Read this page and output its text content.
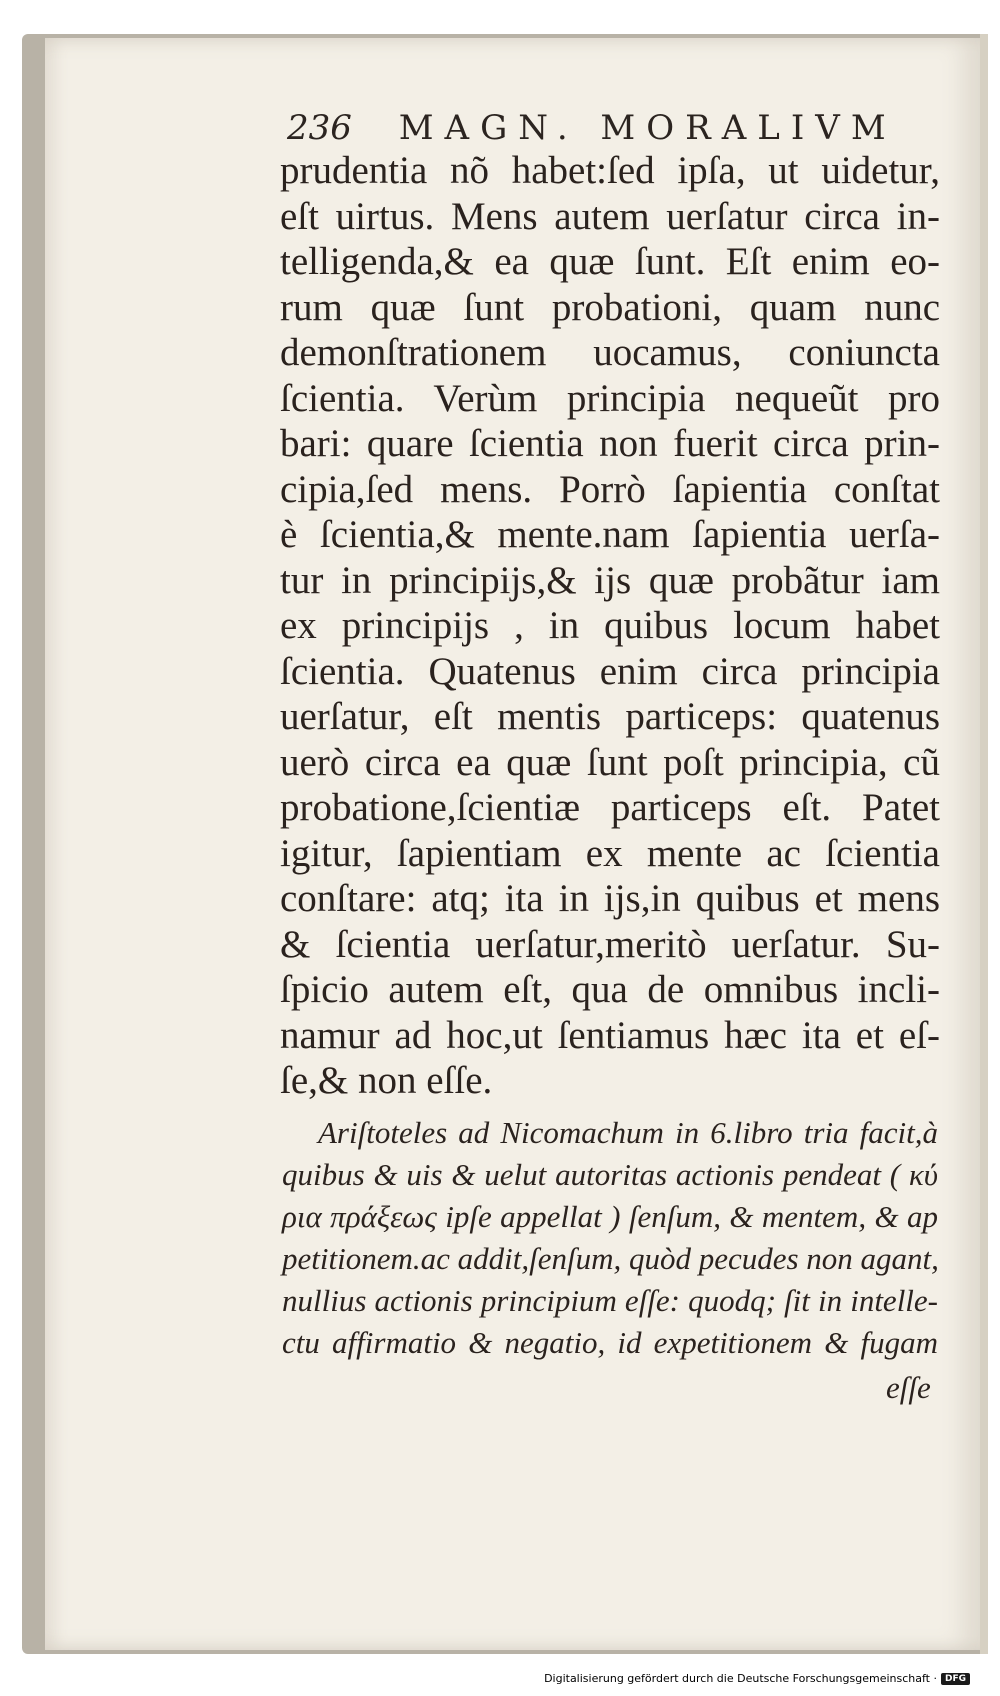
236 MAGN. MORALIVM
prudentia nõ habet:ſed ipſa, ut uidetur,
eſt uirtus. Mens autem uerſatur circa in-
telligenda,& ea quæ ſunt. Eſt enim eo-
rum quæ ſunt probationi, quam nunc
demonſtrationem uocamus, coniuncta
ſcientia. Verùm principia nequeũt pro
bari: quare ſcientia non fuerit circa prin-
cipia,ſed mens. Porrò ſapientia conſtat
è ſcientia,& mente.nam ſapientia uerſa-
tur in principijs,& ijs quæ probãtur iam
ex principijs , in quibus locum habet
ſcientia. Quatenus enim circa principia
uerſatur, eſt mentis particeps: quatenus
uerò circa ea quæ ſunt poſt principia, cũ
probatione,ſcientiæ particeps eſt. Patet
igitur, ſapientiam ex mente ac ſcientia
conſtare: atq; ita in ijs,in quibus et mens
& ſcientia uerſatur,meritò uerſatur. Su-
ſpicio autem eſt, qua de omnibus incli-
namur ad hoc,ut ſentiamus hæc ita et eſ-
ſe,& non eſſe.
Ariſtoteles ad Nicomachum in 6.libro tria facit,à
quibus & uis & uelut autoritas actionis pendeat ( κύ
ρια πράξεως ipſe appellat ) ſenſum, & mentem, & ap
petitionem.ac addit,ſenſum, quòd pecudes non agant,
nullius actionis principium eſſe: quodq; ſit in intelle-
ctu affirmatio & negatio, id expetitionem & fugam
eſſe
Digitalisierung gefördert durch die Deutsche Forschungsgemeinschaft · DFG
